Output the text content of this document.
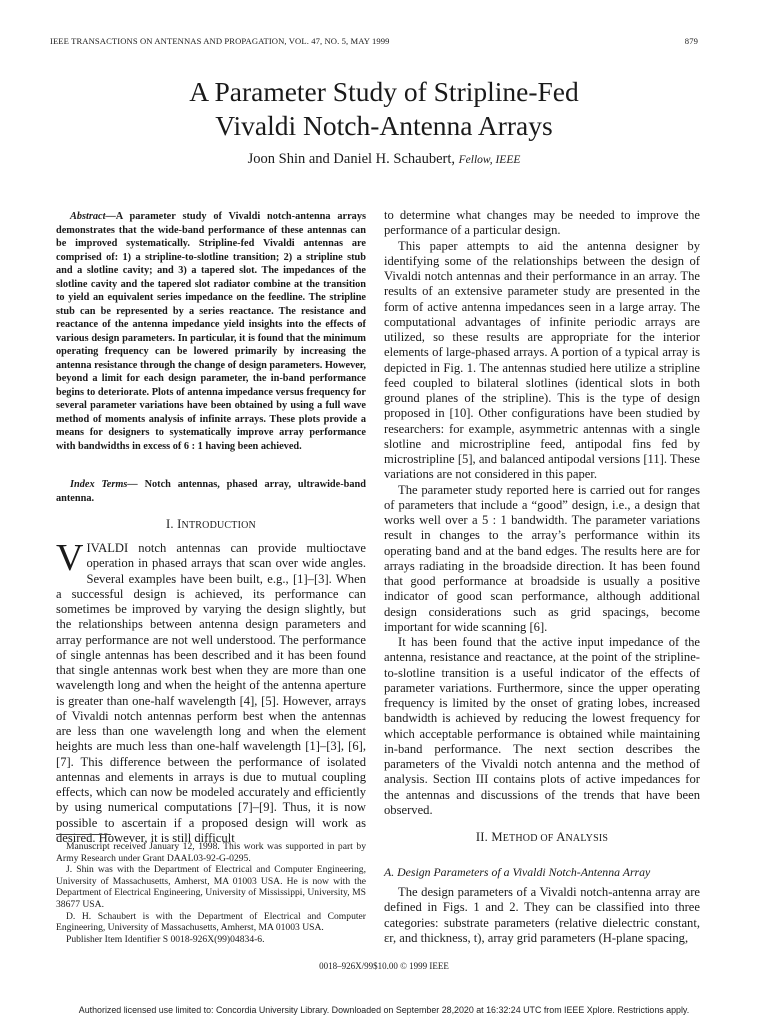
IEEE TRANSACTIONS ON ANTENNAS AND PROPAGATION, VOL. 47, NO. 5, MAY 1999	879
A Parameter Study of Stripline-Fed
Vivaldi Notch-Antenna Arrays
Joon Shin and Daniel H. Schaubert, Fellow, IEEE

Abstract—A parameter study of Vivaldi notch-antenna arrays demonstrates that the wide-band performance of these antennas can be improved systematically. Stripline-fed Vivaldi antennas are comprised of: 1) a stripline-to-slotline transition; 2) a stripline stub and a slotline cavity; and 3) a tapered slot. The impedances of the slotline cavity and the tapered slot radiator combine at the transition to yield an equivalent series impedance on the feedline. The stripline stub can be represented by a series reactance. The resistance and reactance of the antenna impedance yield insights into the effects of various design parameters. In particular, it is found that the minimum operating frequency can be lowered primarily by increasing the antenna resistance through the change of design parameters. However, beyond a limit for each design parameter, the in-band performance begins to deteriorate. Plots of antenna impedance versus frequency for several parameter variations have been obtained by using a full wave method of moments analysis of infinite arrays. These plots provide a means for designers to systematically improve array performance with bandwidths in excess of 6 : 1 having been achieved.

Index Terms— Notch antennas, phased array, ultrawide-band antenna.

I. INTRODUCTION

VIVALDI notch antennas can provide multioctave operation in phased arrays that scan over wide angles. Several examples have been built, e.g., [1]–[3]. When a successful design is achieved, its performance can sometimes be improved by varying the design slightly, but the relationships between antenna design parameters and array performance are not well understood. The performance of single antennas has been described and it has been found that single antennas work best when they are more than one wavelength long and when the height of the antenna aperture is greater than one-half wavelength [4], [5]. However, arrays of Vivaldi notch antennas perform best when the antennas are less than one wavelength long and when the element heights are much less than one-half wavelength [1]–[3], [6], [7]. This difference between the performance of isolated antennas and elements in arrays is due to mutual coupling effects, which can now be modeled accurately and efficiently by using numerical computations [7]–[9]. Thus, it is now possible to ascertain if a proposed design will work as desired. However, it is still difficult

Manuscript received January 12, 1998. This work was supported in part by Army Research under Grant DAAL03-92-G-0295.

J. Shin was with the Department of Electrical and Computer Engineering, University of Massachusetts, Amherst, MA 01003 USA. He is now with the Department of Electrical Engineering, University of Mississippi, University, MS 38677 USA.

D. H. Schaubert is with the Department of Electrical and Computer Engineering, University of Massachusetts, Amherst, MA 01003 USA.

Publisher Item Identifier S 0018-926X(99)04834-6.

to determine what changes may be needed to improve the performance of a particular design.

This paper attempts to aid the antenna designer by identifying some of the relationships between the design of Vivaldi notch antennas and their performance in an array. The results of an extensive parameter study are presented in the form of active antenna impedances seen in a large array. The computational advantages of infinite periodic arrays are utilized, so these results are appropriate for the interior elements of large-phased arrays. A portion of a typical array is depicted in Fig. 1. The antennas studied here utilize a stripline feed coupled to bilateral slotlines (identical slots in both ground planes of the stripline). This is the type of design proposed in [10]. Other configurations have been studied by researchers: for example, asymmetric antennas with a single slotline and microstripline feed, antipodal fins fed by microstripline [5], and balanced antipodal versions [11]. These variations are not considered in this paper.

The parameter study reported here is carried out for ranges of parameters that include a “good” design, i.e., a design that works well over a 5 : 1 bandwidth. The parameter variations result in changes to the array’s performance within its operating band and at the band edges. The results here are for arrays radiating in the broadside direction. It has been found that good performance at broadside is usually a positive indicator of good scan performance, although additional design considerations such as grid spacings, become important for wide scanning [6].

It has been found that the active input impedance of the antenna, resistance and reactance, at the point of the stripline-to-slotline transition is a useful indicator of the effects of parameter variations. Furthermore, since the upper operating frequency is limited by the onset of grating lobes, increased bandwidth is achieved by reducing the lowest frequency for which acceptable performance is obtained while maintaining in-band performance. The next section describes the parameters of the Vivaldi notch antenna and the method of analysis. Section III contains plots of active impedances for the antennas and discussions of the trends that have been observed.

II. METHOD OF ANALYSIS
A. Design Parameters of a Vivaldi Notch-Antenna Array

The design parameters of a Vivaldi notch-antenna array are defined in Figs. 1 and 2. They can be classified into three categories: substrate parameters (relative dielectric constant, εr, and thickness, t), array grid parameters (H-plane spacing,

0018–926X/99$10.00 © 1999 IEEE
Authorized licensed use limited to: Concordia University Library. Downloaded on September 28,2020 at 16:32:24 UTC from IEEE Xplore. Restrictions apply.
